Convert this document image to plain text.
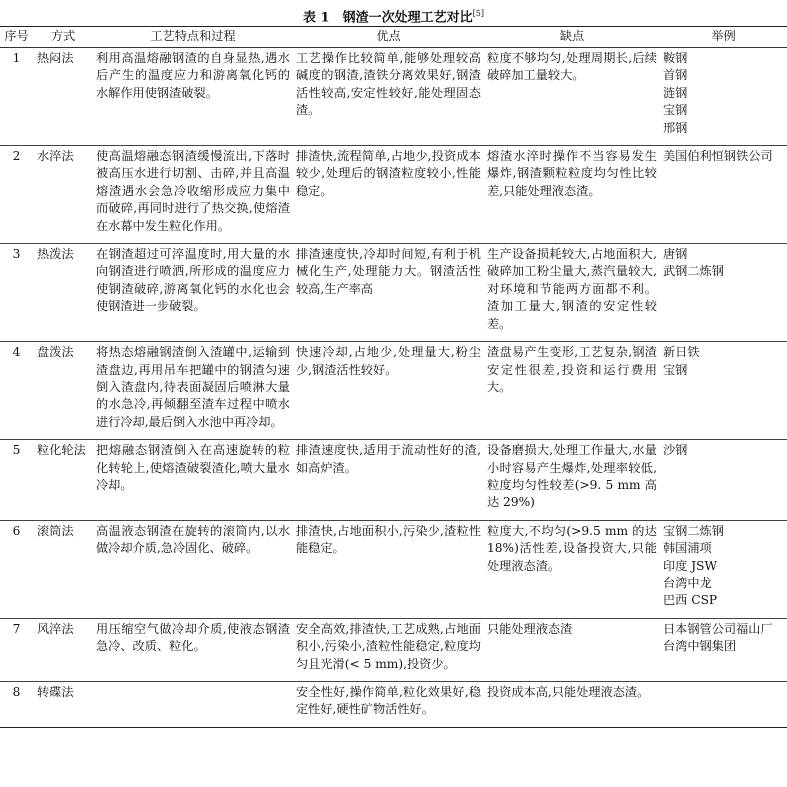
表 1　钢渣一次处理工艺对比[5]
序号	方式	工艺特点和过程	优点	缺点	举例
1	热闷法	利用高温熔融钢渣的自身显热,遇水后产生的温度应力和游离氧化钙的水解作用使钢渣破裂。	工艺操作比较简单,能够处理较高碱度的钢渣,渣铁分离效果好,钢渣活性较高,安定性较好,能处理固态渣。	粒度不够均匀,处理周期长,后续破碎加工量较大。	鞍钢
首钢
涟钢
宝钢
邢钢

2	水淬法	使高温熔融态钢渣缓慢流出,下落时被高压水进行切割、击碎,并且高温熔渣遇水会急冷收缩形成应力集中而破碎,再同时进行了热交换,使熔渣在水幕中发生粒化作用。	排渣快,流程简单,占地少,投资成本较少,处理后的钢渣粒度较小,性能稳定。	熔渣水淬时操作不当容易发生爆炸,钢渣颗粒粒度均匀性比较差,只能处理液态渣。	美国伯利恒钢铁公司

3	热泼法	在钢渣超过可淬温度时,用大量的水向钢渣进行喷洒,所形成的温度应力使钢渣破碎,游离氧化钙的水化也会使钢渣进一步破裂。	排渣速度快,冷却时间短,有利于机械化生产,处理能力大。钢渣活性较高,生产率高	生产设备损耗较大,占地面积大,破碎加工粉尘量大,蒸汽量较大,对环境和节能两方面都不利。渣加工量大,钢渣的安定性较差。	唐钢
武钢二炼钢

4	盘泼法	将热态熔融钢渣倒入渣罐中,运输到渣盘边,再用吊车把罐中的钢渣匀速倒入渣盘内,待表面凝固后喷淋大量的水急冷,再倾翻至渣车过程中喷水进行冷却,最后倒入水池中再冷却。	快速冷却,占地少,处理量大,粉尘少,钢渣活性较好。	渣盘易产生变形,工艺复杂,钢渣安定性很差,投资和运行费用大。	新日铁
宝钢

5	粒化轮法	把熔融态钢渣倒入在高速旋转的粒化转轮上,使熔渣破裂渣化,喷大量水冷却。	排渣速度快,适用于流动性好的渣,如高炉渣。	设备磨损大,处理工作量大,水量小时容易产生爆炸,处理率较低,粒度均匀性较差(>9. 5 mm 高达 29%)	沙钢

6	滚筒法	高温液态钢渣在旋转的滚筒内,以水做冷却介质,急冷固化、破碎。	排渣快,占地面积小,污染少,渣粒性能稳定。	粒度大,不均匀(>9.5 mm 的达 18%)活性差,设备投资大,只能处理液态渣。	宝钢二炼钢
韩国浦项
印度 JSW
台湾中龙
巴西 CSP

7	风淬法	用压缩空气做冷却介质,使液态钢渣急冷、改质、粒化。	安全高效,排渣快,工艺成熟,占地面积小,污染小,渣粒性能稳定,粒度均匀且光滑(< 5 mm),投资少。	只能处理液态渣	日本钢管公司福山厂
台湾中钢集团

8	转碟法		安全性好,操作简单,粒化效果好,稳定性好,硬性矿物活性好。	投资成本高,只能处理液态渣。	
